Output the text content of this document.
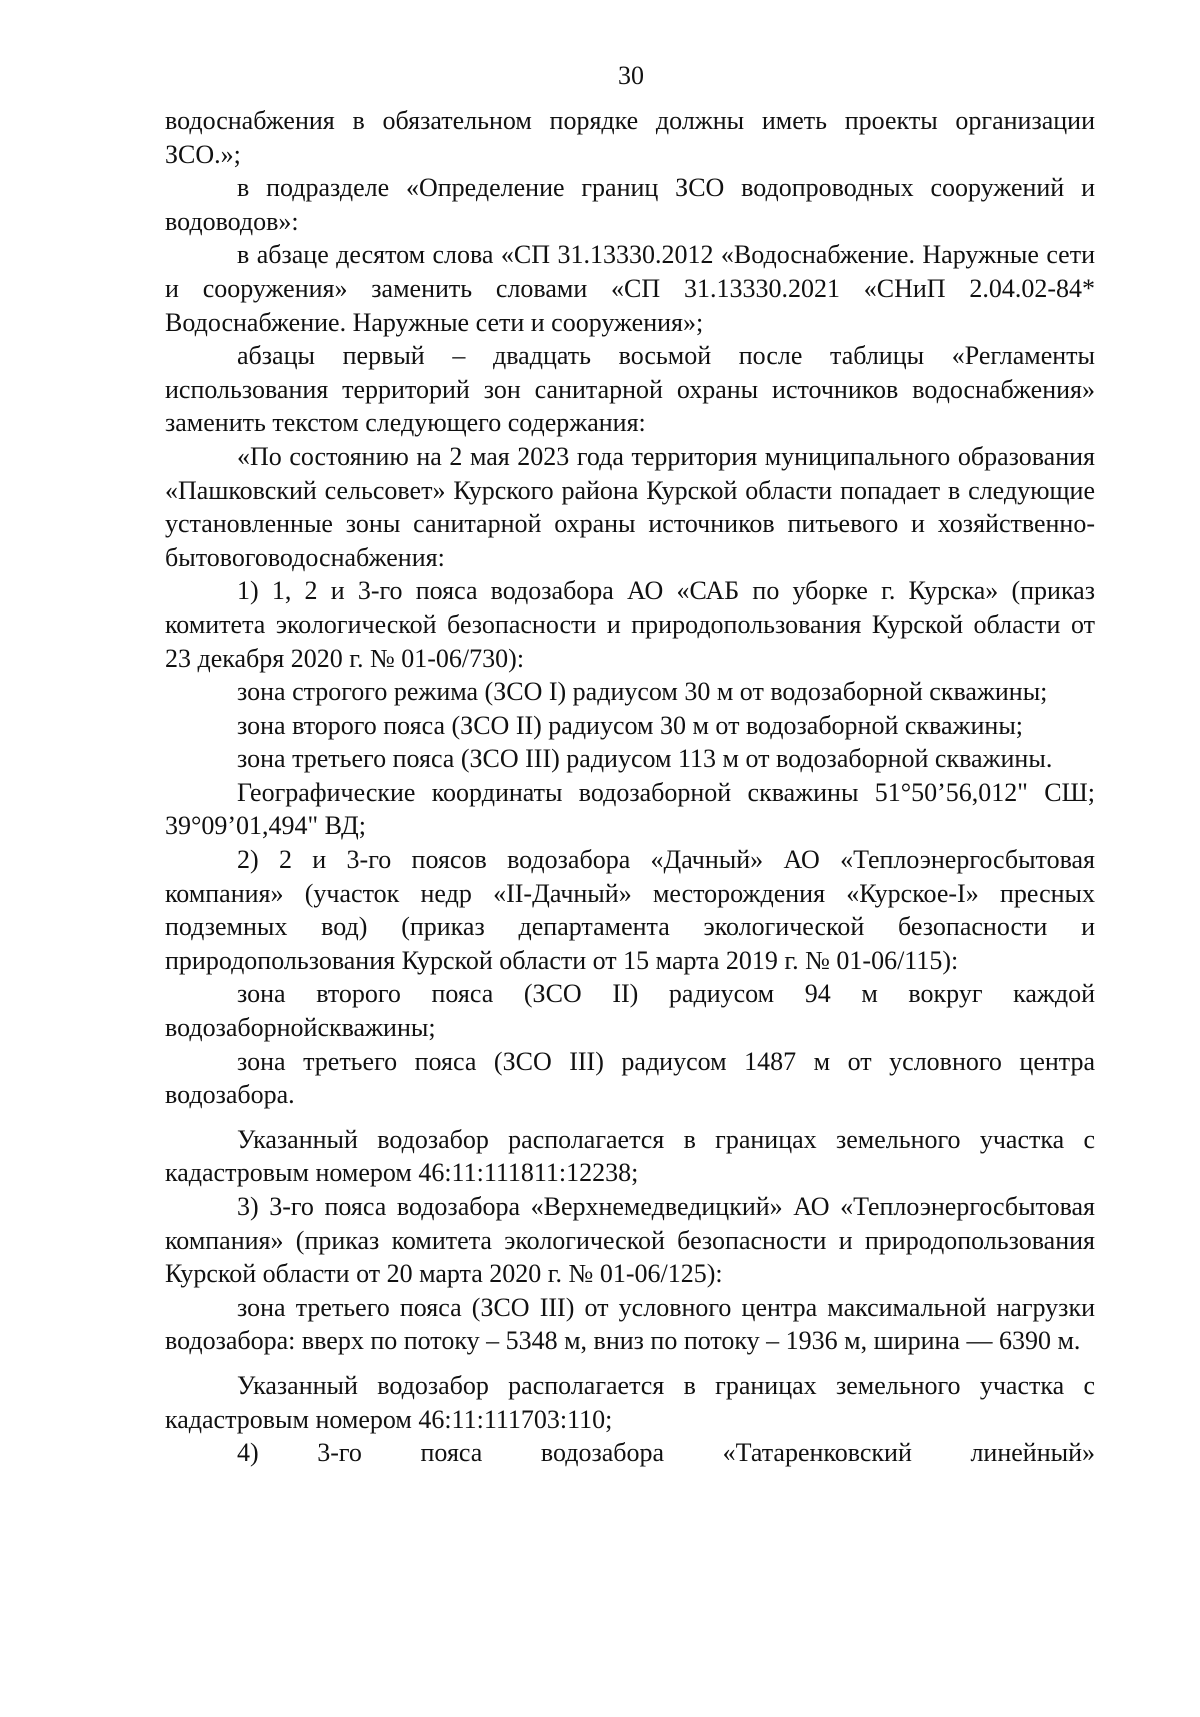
30

водоснабжения в обязательном порядке должны иметь проекты организации ЗСО.»;

в подразделе «Определение границ ЗСО водопроводных сооружений и водоводов»:

в абзаце десятом слова «СП 31.13330.2012 «Водоснабжение. Наружные сети и сооружения» заменить словами «СП 31.13330.2021 «СНиП 2.04.02-84* Водоснабжение. Наружные сети и сооружения»;

абзацы первый – двадцать восьмой после таблицы «Регламенты использования территорий зон санитарной охраны источников водоснабжения» заменить текстом следующего содержания:

«По состоянию на 2 мая 2023 года территория муниципального образования «Пашковский сельсовет» Курского района Курской области попадает в следующие установленные зоны санитарной охраны источников питьевого и хозяйственно-бытовоговодоснабжения:

1) 1, 2 и 3-го пояса водозабора АО «САБ по уборке г. Курска» (приказ комитета экологической безопасности и природопользования Курской области от 23 декабря 2020 г. № 01-06/730):

зона строгого режима (ЗСО I) радиусом 30 м от водозаборной скважины;

зона второго пояса (ЗСО II) радиусом 30 м от водозаборной скважины;

зона третьего пояса (ЗСО III) радиусом 113 м от водозаборной скважины.

Географические координаты водозаборной скважины 51°50’56,012" СШ; 39°09’01,494" ВД;

2) 2 и 3-го поясов водозабора «Дачный» АО «Теплоэнергосбытовая компания» (участок недр «II-Дачный» месторождения «Курское-I» пресных подземных вод) (приказ департамента экологической безопасности и природопользования Курской области от 15 марта 2019 г. № 01-06/115):

зона второго пояса (ЗСО II) радиусом 94 м вокруг каждой водозаборнойскважины;

зона третьего пояса (ЗСО III) радиусом 1487 м от условного центра водозабора.

Указанный водозабор располагается в границах земельного участка с кадастровым номером 46:11:111811:12238;

3) 3-го пояса водозабора «Верхнемедведицкий» АО «Теплоэнергосбытовая компания» (приказ комитета экологической безопасности и природопользования Курской области от 20 марта 2020 г. № 01-06/125):

зона третьего пояса (ЗСО III) от условного центра максимальной нагрузки водозабора: вверх по потоку – 5348 м, вниз по потоку – 1936 м, ширина — 6390 м.

Указанный водозабор располагается в границах земельного участка с кадастровым номером 46:11:111703:110;

4) 3-го пояса водозабора «Татаренковский линейный»
